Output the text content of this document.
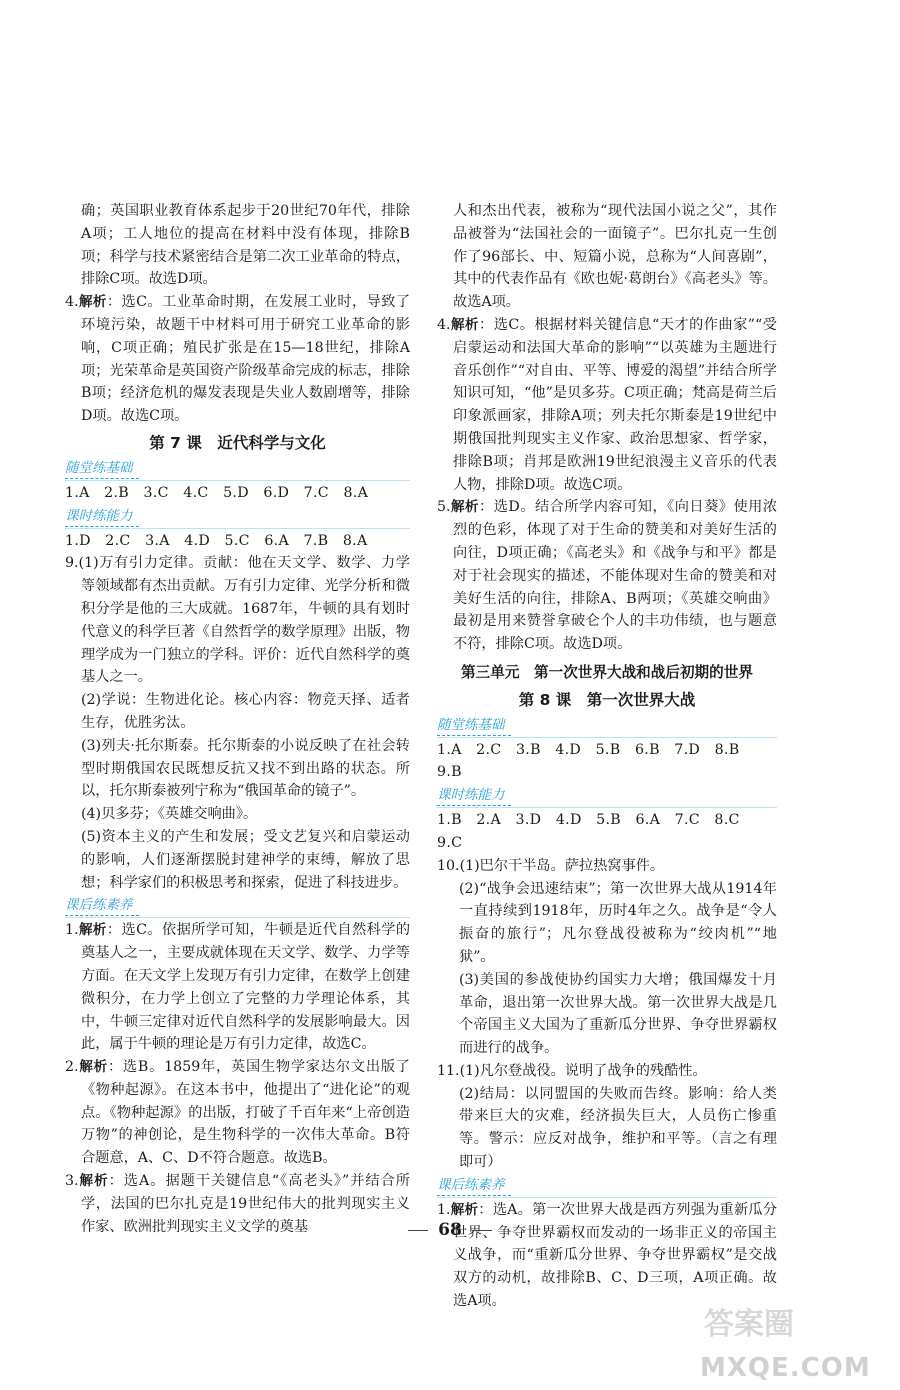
确；英国职业教育体系起步于20世纪70年代，排除A项；工人地位的提高在材料中没有体现，排除B项；科学与技术紧密结合是第二次工业革命的特点，排除C项。故选D项。

4.解析：选C。工业革命时期，在发展工业时，导致了环境污染，故题干中材料可用于研究工业革命的影响，C项正确；殖民扩张是在15—18世纪，排除A项；光荣革命是英国资产阶级革命完成的标志，排除B项；经济危机的爆发表现是失业人数剧增等，排除D项。故选C项。

第 7 课　近代科学与文化
随堂练基础

1.A　2.B　3.C　4.C　5.D　6.D　7.C　8.A

课时练能力

1.D　2.C　3.A　4.D　5.C　6.A　7.B　8.A

9.(1)万有引力定律。贡献：他在天文学、数学、力学等领域都有杰出贡献。万有引力定律、光学分析和微积分学是他的三大成就。1687年，牛顿的具有划时代意义的科学巨著《自然哲学的数学原理》出版，物理学成为一门独立的学科。评价：近代自然科学的奠基人之一。

(2)学说：生物进化论。核心内容：物竞天择、适者生存，优胜劣汰。

(3)列夫·托尔斯泰。托尔斯泰的小说反映了在社会转型时期俄国农民既想反抗又找不到出路的状态。所以，托尔斯泰被列宁称为“俄国革命的镜子”。

(4)贝多芬；《英雄交响曲》。

(5)资本主义的产生和发展；受文艺复兴和启蒙运动的影响，人们逐渐摆脱封建神学的束缚，解放了思想；科学家们的积极思考和探索，促进了科技进步。

课后练素养

1.解析：选C。依据所学可知，牛顿是近代自然科学的奠基人之一，主要成就体现在天文学、数学、力学等方面。在天文学上发现万有引力定律，在数学上创建微积分，在力学上创立了完整的力学理论体系，其中，牛顿三定律对近代自然科学的发展影响最大。因此，属于牛顿的理论是万有引力定律，故选C。

2.解析：选B。1859年，英国生物学家达尔文出版了《物种起源》。在这本书中，他提出了“进化论”的观点。《物种起源》的出版，打破了千百年来“上帝创造万物”的神创论，是生物科学的一次伟大革命。B符合题意，A、C、D不符合题意。故选B。

3.解析：选A。据题干关键信息“《高老头》”并结合所学，法国的巴尔扎克是19世纪伟大的批判现实主义作家、欧洲批判现实主义文学的奠基

人和杰出代表，被称为“现代法国小说之父”，其作品被誉为“法国社会的一面镜子”。巴尔扎克一生创作了96部长、中、短篇小说，总称为“人间喜剧”，其中的代表作品有《欧也妮·葛朗台》《高老头》等。故选A项。

4.解析：选C。根据材料关键信息“天才的作曲家”“受启蒙运动和法国大革命的影响”“以英雄为主题进行音乐创作”“对自由、平等、博爱的渴望”并结合所学知识可知，“他”是贝多芬。C项正确；梵高是荷兰后印象派画家，排除A项；列夫托尔斯泰是19世纪中期俄国批判现实主义作家、政治思想家、哲学家，排除B项；肖邦是欧洲19世纪浪漫主义音乐的代表人物，排除D项。故选C项。

5.解析：选D。结合所学内容可知，《向日葵》使用浓烈的色彩，体现了对于生命的赞美和对美好生活的向往，D项正确；《高老头》和《战争与和平》都是对于社会现实的描述，不能体现对生命的赞美和对美好生活的向往，排除A、B两项；《英雄交响曲》最初是用来赞誉拿破仑个人的丰功伟绩，也与题意不符，排除C项。故选D项。

第三单元　第一次世界大战和战后初期的世界
第 8 课　第一次世界大战
随堂练基础

1.A　2.C　3.B　4.D　5.B　6.B　7.D　8.B

9.B

课时练能力

1.B　2.A　3.D　4.D　5.B　6.A　7.C　8.C

9.C

10.(1)巴尔干半岛。萨拉热窝事件。

(2)“战争会迅速结束”；第一次世界大战从1914年一直持续到1918年，历时4年之久。战争是“令人振奋的旅行”；凡尔登战役被称为“绞肉机”“地狱”。

(3)美国的参战使协约国实力大增；俄国爆发十月革命，退出第一次世界大战。第一次世界大战是几个帝国主义大国为了重新瓜分世界、争夺世界霸权而进行的战争。

11.(1)凡尔登战役。说明了战争的残酷性。

(2)结局：以同盟国的失败而告终。影响：给人类带来巨大的灾难，经济损失巨大，人员伤亡惨重等。警示：应反对战争，维护和平等。（言之有理即可）

课后练素养

1.解析：选A。第一次世界大战是西方列强为重新瓜分世界、争夺世界霸权而发动的一场非正义的帝国主义战争，而“重新瓜分世界、争夺世界霸权”是交战双方的动机，故排除B、C、D三项，A项正确。故选A项。

68
答案圈
MXQE.COM
